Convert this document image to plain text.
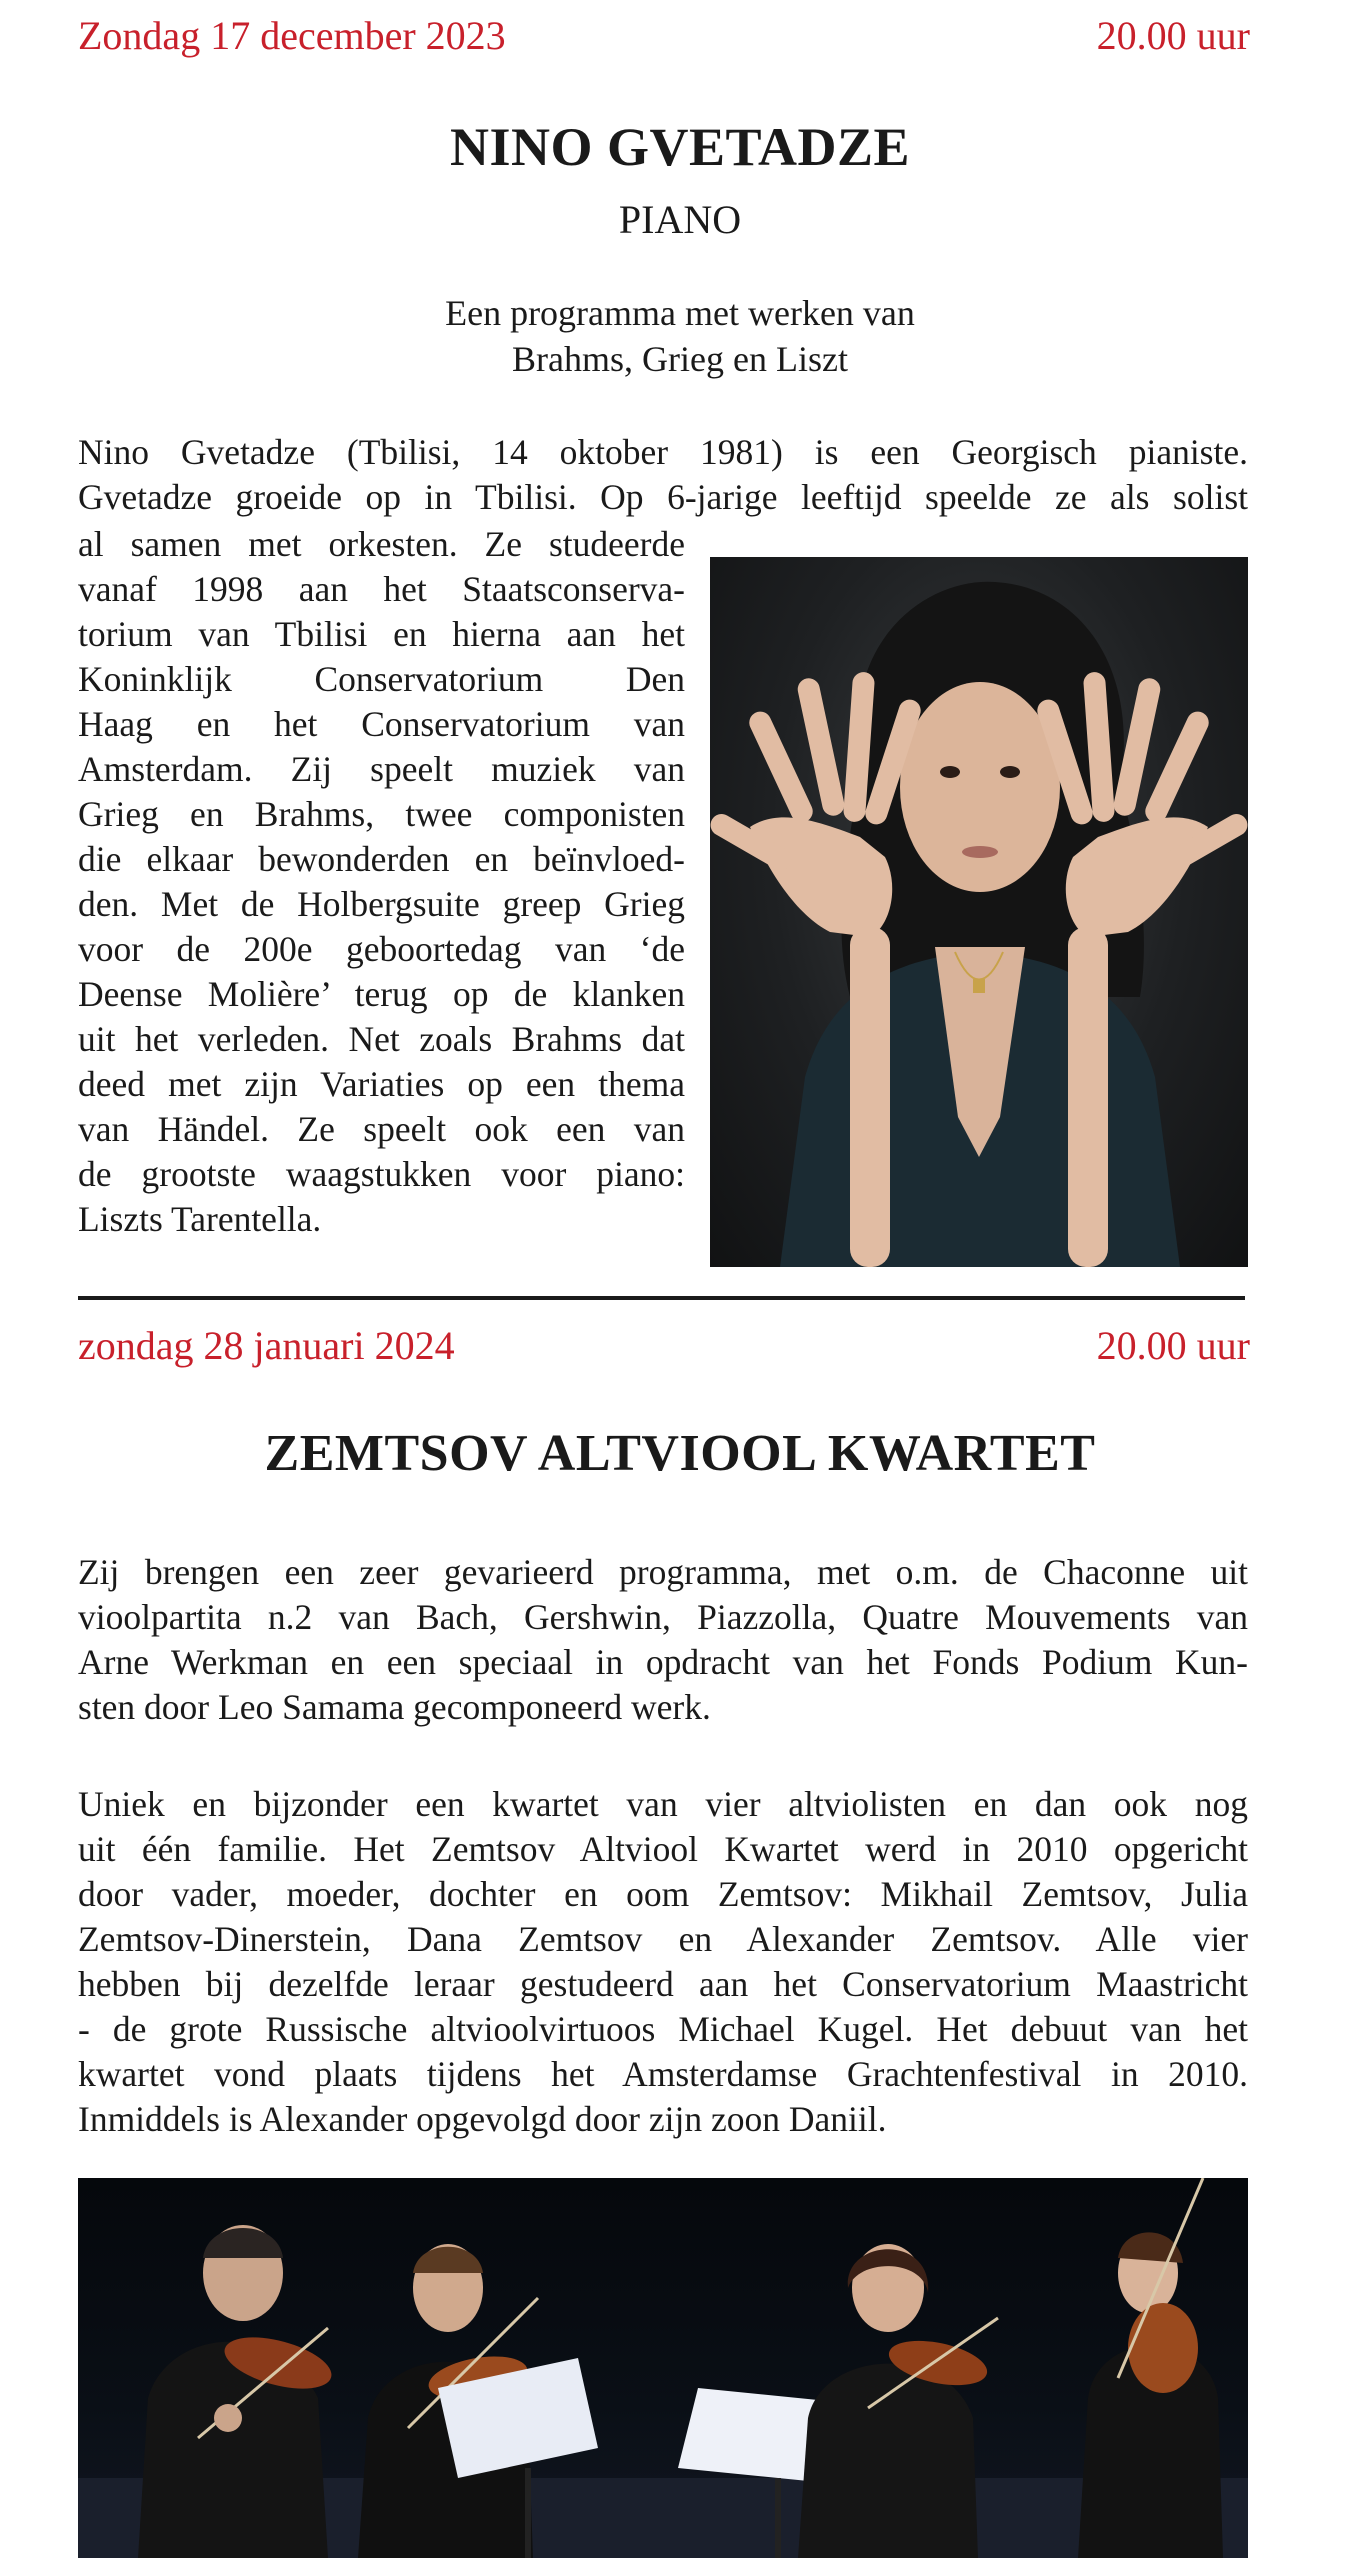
Zondag 17 december 2023	20.00 uur
NINO GVETADZE
PIANO
Een programma met werken van
Brahms, Grieg en Liszt
Nino Gvetadze (Tbilisi, 14 oktober 1981) is een Georgisch pianiste.
Gvetadze groeide op in Tbilisi. Op 6-jarige leeftijd speelde ze als solist
al samen met orkesten. Ze studeerde
vanaf 1998 aan het Staatsconserva-
torium van Tbilisi en hierna aan het
Koninklijk Conservatorium Den
Haag en het Conservatorium van
Amsterdam. Zij speelt muziek van
Grieg en Brahms, twee componisten
die elkaar bewonderden en beïnvloed-
den. Met de Holbergsuite greep Grieg
voor de 200e geboortedag van ‘de
Deense Molière’ terug op de klanken
uit het verleden. Net zoals Brahms dat
deed met zijn Variaties op een thema
van Händel. Ze speelt ook een van
de grootste waagstukken voor piano:
Liszts Tarentella.
zondag 28 januari 2024	20.00 uur
ZEMTSOV ALTVIOOL KWARTET
Zij brengen een zeer gevarieerd programma, met o.m. de Chaconne uit
vioolpartita n.2 van Bach, Gershwin, Piazzolla, Quatre Mouvements van
Arne Werkman en een speciaal in opdracht van het Fonds Podium Kun-
sten door Leo Samama gecomponeerd werk.
Uniek en bijzonder een kwartet van vier altviolisten en dan ook nog
uit één familie. Het Zemtsov Altviool Kwartet werd in 2010 opgericht
door vader, moeder, dochter en oom Zemtsov: Mikhail Zemtsov, Julia
Zemtsov-Dinerstein, Dana Zemtsov en Alexander Zemtsov. Alle vier
hebben bij dezelfde leraar gestudeerd aan het Conservatorium Maastricht
- de grote Russische altvioolvirtuoos Michael Kugel. Het debuut van het
kwartet vond plaats tijdens het Amsterdamse Grachtenfestival in 2010.
Inmiddels is Alexander opgevolgd door zijn zoon Daniil.
